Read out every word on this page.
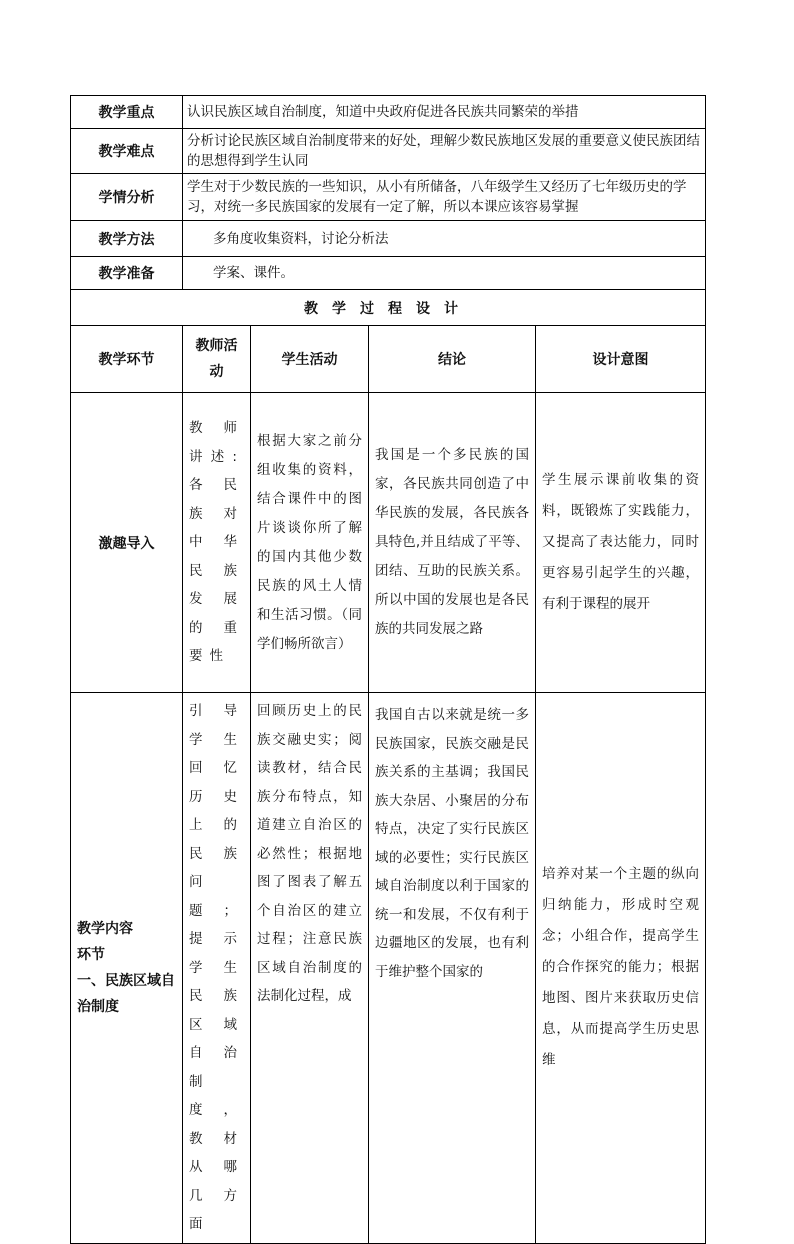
教学重点	认识民族区域自治制度，知道中央政府促进各民族共同繁荣的举措			
教学难点	分析讨论民族区域自治制度带来的好处，理解少数民族地区发展的重要意义使民族团结的思想得到学生认同			
学情分析	学生对于少数民族的一些知识，从小有所储备，八年级学生又经历了七年级历史的学习，对统一多民族国家的发展有一定了解，所以本课应该容易掌握			
教学方法	多角度收集资料，讨论分析法			
教学准备	学案、课件。			
教学过程设计				
教学环节	教师活动	学生活动	结论	设计意图
激趣导入	教师讲述:各民族对中华民族发展的重要性	根据大家之前分组收集的资料，结合课件中的图片谈谈你所了解的国内其他少数民族的风土人情和生活习惯。（同学们畅所欲言）	我国是一个多民族的国家，各民族共同创造了中华民族的发展，各民族各具特色,并且结成了平等、团结、互助的民族关系。所以中国的发展也是各民族的共同发展之路	学生展示课前收集的资料，既锻炼了实践能力，又提高了表达能力，同时更容易引起学生的兴趣，有利于课程的展开

教学内容
环节
一、民族区域自
治制度	引导学生回忆历史上的民族问题；提示学生民族区域自治制度，教材从哪几方面	回顾历史上的民族交融史实；阅读教材，结合民族分布特点，知道建立自治区的必然性；根据地图了图表了解五个自治区的建立过程；注意民族区域自治制度的法制化过程，成	我国自古以来就是统一多民族国家，民族交融是民族关系的主基调；我国民族大杂居、小聚居的分布特点，决定了实行民族区域的必要性；实行民族区域自治制度以利于国家的统一和发展，不仅有利于边疆地区的发展，也有利于维护整个国家的	培养对某一个主题的纵向归纳能力，形成时空观念；小组合作，提高学生的合作探究的能力；根据地图、图片来获取历史信息，从而提高学生历史思维
